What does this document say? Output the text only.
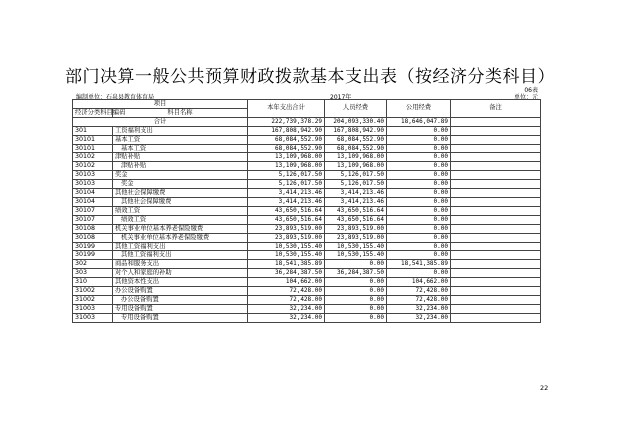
部门决算一般公共预算财政拨款基本支出表（按经济分类科目）
06表
编制单位：石泉县教育体育局	2017年	单位：元
项目		本年支出合计	人员经费	公用经费	备注
经济分类科目编码	科目名称				
合计		222,739,378.29	204,093,330.40	18,646,047.89	
301	工资福利支出	167,808,942.90	167,808,942.90	0.00	
30101	基本工资	68,084,552.90	68,084,552.90	0.00	
30101	基本工资	68,084,552.90	68,084,552.90	0.00	
30102	津贴补贴	13,109,968.00	13,109,968.00	0.00	
30102	津贴补贴	13,109,968.00	13,109,968.00	0.00	
30103	奖金	5,126,017.50	5,126,017.50	0.00	
30103	奖金	5,126,017.50	5,126,017.50	0.00	
30104	其他社会保障缴费	3,414,213.46	3,414,213.46	0.00	
30104	其他社会保障缴费	3,414,213.46	3,414,213.46	0.00	
30107	绩效工资	43,650,516.64	43,650,516.64	0.00	
30107	绩效工资	43,650,516.64	43,650,516.64	0.00	
30108	机关事业单位基本养老保险缴费	23,893,519.00	23,893,519.00	0.00	
30108	机关事业单位基本养老保险缴费	23,893,519.00	23,893,519.00	0.00	
30199	其他工资福利支出	10,530,155.40	10,530,155.40	0.00	
30199	其他工资福利支出	10,530,155.40	10,530,155.40	0.00	
302	商品和服务支出	18,541,385.89	0.00	18,541,385.89	
303	对个人和家庭的补助	36,284,387.50	36,284,387.50	0.00	
310	其他资本性支出	104,662.00	0.00	104,662.00	
31002	办公设备购置	72,428.00	0.00	72,428.00	
31002	办公设备购置	72,428.00	0.00	72,428.00	
31003	专用设备购置	32,234.00	0.00	32,234.00	
31003	专用设备购置	32,234.00	0.00	32,234.00	
22
